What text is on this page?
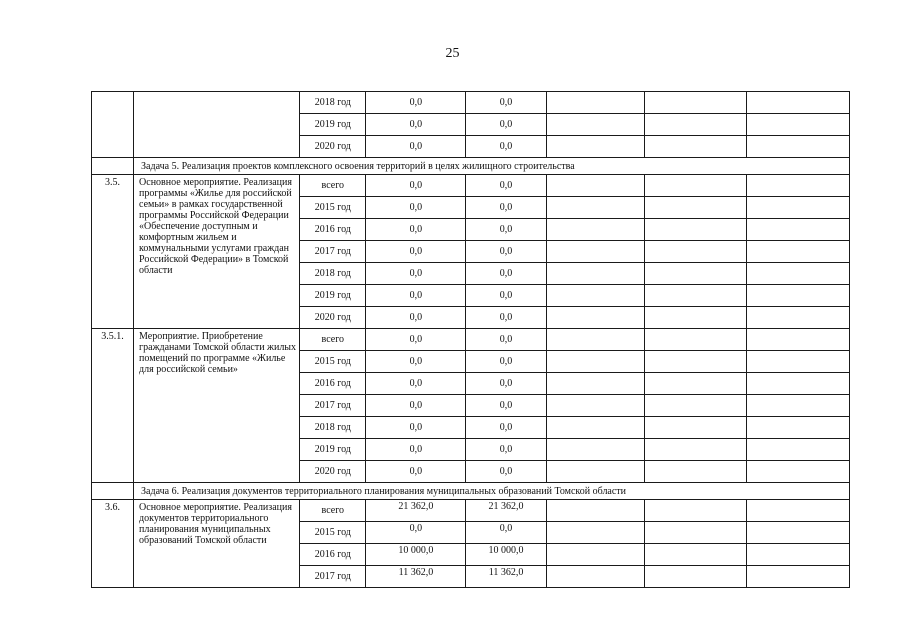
25
		2018 год	0,0	0,0			
		2019 год	0,0	0,0			
		2020 год	0,0	0,0			
	Задача 5. Реализация проектов комплексного освоения территорий в целях жилищного строительства						
3.5.	Основное мероприятие. Реализация программы «Жилье для российской семьи» в рамках государственной программы Российской Федерации «Обеспечение доступным и комфортным жильем и коммунальными услугами граждан Российской Федерации» в Томской области	всего	0,0	0,0			
		2015 год	0,0	0,0			
		2016 год	0,0	0,0			
		2017 год	0,0	0,0			
		2018 год	0,0	0,0			
		2019 год	0,0	0,0			
		2020 год	0,0	0,0			
3.5.1.	Мероприятие. Приобретение гражданами Томской области жилых помещений по программе «Жилье для российской семьи»	всего	0,0	0,0			
		2015 год	0,0	0,0			
		2016 год	0,0	0,0			
		2017 год	0,0	0,0			
		2018 год	0,0	0,0			
		2019 год	0,0	0,0			
		2020 год	0,0	0,0			
	Задача 6. Реализация документов территориального планирования муниципальных образований Томской области						
3.6.	Основное мероприятие. Реализация документов территориального планирования муниципальных образований Томской области	всего	21 362,0	21 362,0			
		2015 год	0,0	0,0			
		2016 год	10 000,0	10 000,0			
		2017 год	11 362,0	11 362,0			
